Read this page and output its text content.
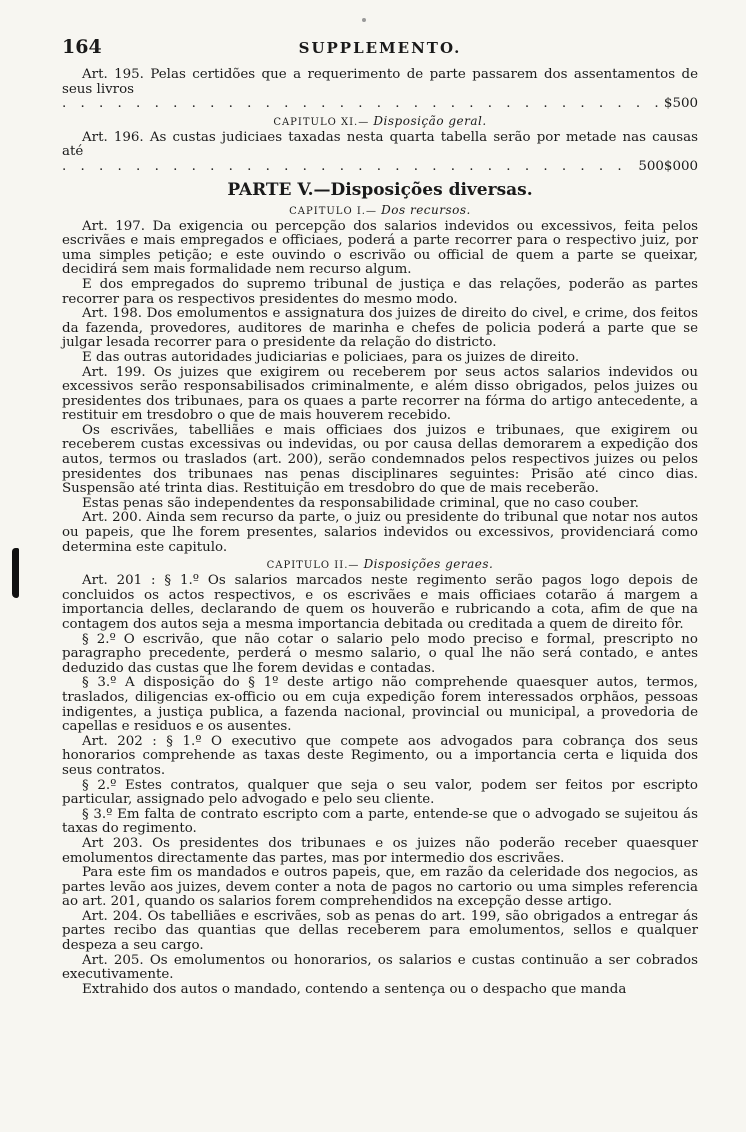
164	SUPPLEMENTO.

Art. 195. Pelas certidões que a requerimento de parte passarem dos assentamentos de seus livros

. . .
$500
CAPITULO XI.— Disposição geral.

Art. 196. As custas judiciaes taxadas nesta quarta tabella serão por metade nas causas até

. . .
500$000
PARTE V.—Disposições diversas.
CAPITULO I.— Dos recursos.

Art. 197. Da exigencia ou percepção dos salarios indevidos ou excessivos, feita pelos escrivães e mais empregados e officiaes, poderá a parte recorrer para o respectivo juiz, por uma simples petição; e este ouvindo o escrivão ou official de quem a parte se queixar, decidirá sem mais formalidade nem recurso algum.

E dos empregados do supremo tribunal de justiça e das relações, poderão as partes recorrer para os respectivos presidentes do mesmo modo.

Art. 198. Dos emolumentos e assignatura dos juizes de direito do civel, e crime, dos feitos da fazenda, provedores, auditores de marinha e chefes de policia poderá a parte que se julgar lesada recorrer para o presidente da relação do districto.

E das outras autoridades judiciarias e policiaes, para os juizes de direito.

Art. 199. Os juizes que exigirem ou receberem por seus actos salarios indevidos ou excessivos serão responsabilisados criminalmente, e além disso obrigados, pelos juizes ou presidentes dos tribunaes, para os quaes a parte recorrer na fórma do artigo antecedente, a restituir em tresdobro o que de mais houverem recebido.

Os escrivães, tabelliães e mais officiaes dos juizos e tribunaes, que exigirem ou receberem custas excessivas ou indevidas, ou por causa dellas demorarem a expedição dos autos, termos ou traslados (art. 200), serão condemnados pelos respectivos juizes ou pelos presidentes dos tribunaes nas penas disciplinares seguintes: Prisão até cinco dias. Suspensão até trinta dias. Restituição em tresdobro do que de mais receberão.

Estas penas são independentes da responsabilidade criminal, que no caso couber.

Art. 200. Ainda sem recurso da parte, o juiz ou presidente do tribunal que notar nos autos ou papeis, que lhe forem presentes, salarios indevidos ou excessivos, providenciará como determina este capitulo.

CAPITULO II.— Disposições geraes.

Art. 201 : § 1.º Os salarios marcados neste regimento serão pagos logo depois de concluidos os actos respectivos, e os escrivães e mais officiaes cotarão á margem a importancia delles, declarando de quem os houverão e rubricando a cota, afim de que na contagem dos autos seja a mesma importancia debitada ou creditada a quem de direito fôr.

§ 2.º O escrivão, que não cotar o salario pelo modo preciso e formal, prescripto no paragrapho precedente, perderá o mesmo salario, o qual lhe não será contado, e antes deduzido das custas que lhe forem devidas e contadas.

§ 3.º A disposição do § 1º deste artigo não comprehende quaesquer autos, termos, traslados, diligencias ex-officio ou em cuja expedição forem interessados orphãos, pessoas indigentes, a justiça publica, a fazenda nacional, provincial ou municipal, a provedoria de capellas e residuos e os ausentes.

Art. 202 : § 1.º O executivo que compete aos advogados para cobrança dos seus honorarios comprehende as taxas deste Regimento, ou a importancia certa e liquida dos seus contratos.

§ 2.º Estes contratos, qualquer que seja o seu valor, podem ser feitos por escripto particular, assignado pelo advogado e pelo seu cliente.

§ 3.º Em falta de contrato escripto com a parte, entende-se que o advogado se sujeitou ás taxas do regimento.

Art 203. Os presidentes dos tribunaes e os juizes não poderão receber quaesquer emolumentos directamente das partes, mas por intermedio dos escrivães.

Para este fim os mandados e outros papeis, que, em razão da celeridade dos negocios, as partes levão aos juizes, devem conter a nota de pagos no cartorio ou uma simples referencia ao art. 201, quando os salarios forem comprehendidos na excepção desse artigo.

Art. 204. Os tabelliães e escrivães, sob as penas do art. 199, são obrigados a entregar ás partes recibo das quantias que dellas receberem para emolumentos, sellos e qualquer despeza a seu cargo.

Art. 205. Os emolumentos ou honorarios, os salarios e custas continuão a ser cobrados executivamente.

Extrahido dos autos o mandado, contendo a sentença ou o despacho que manda
